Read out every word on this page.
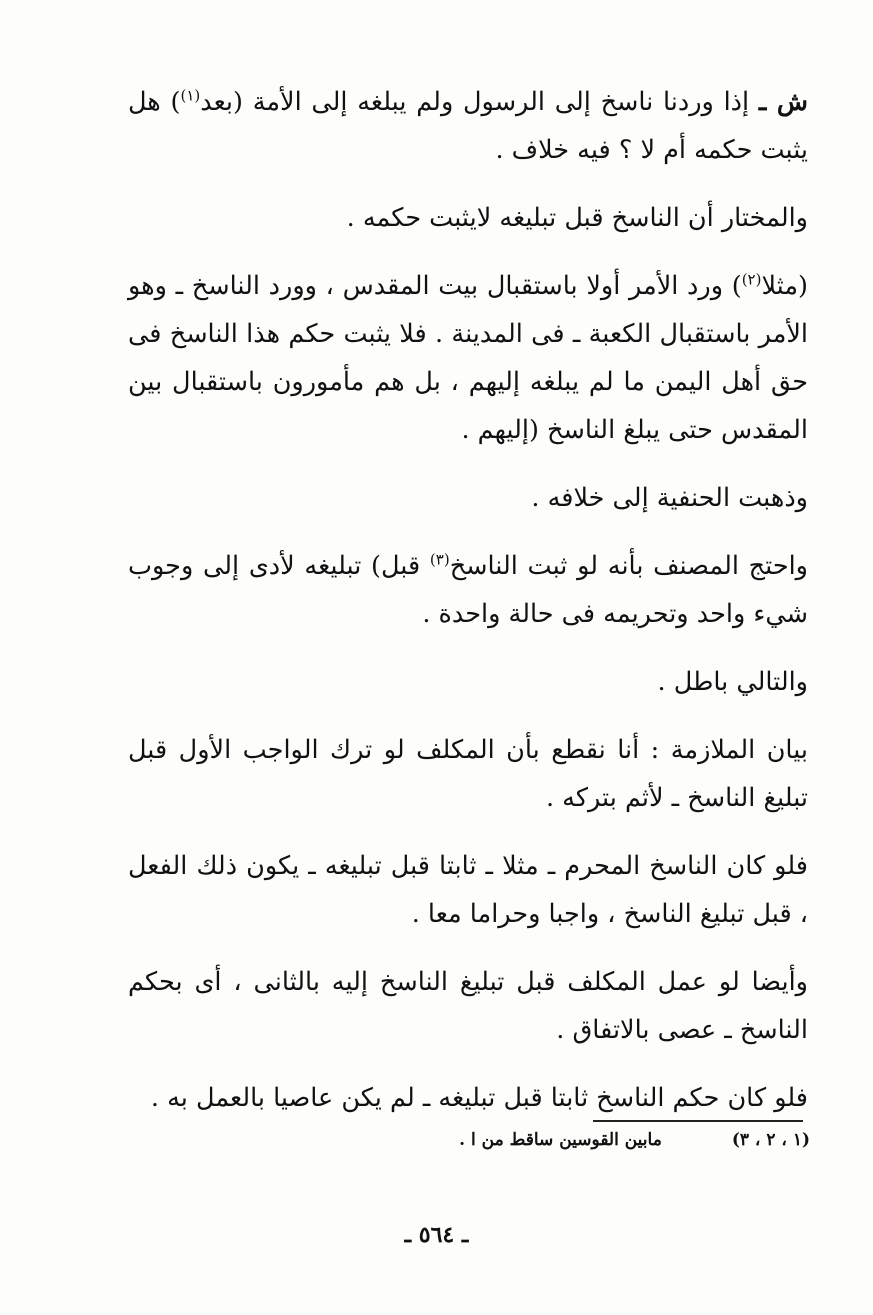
ش ـ إذا وردنا ناسخ إلى الرسول ولم يبلغه إلى الأمة (بعد$^{(١)}$) هل يثبت حكمه أم لا ؟ فيه خلاف .

والمختار أن الناسخ قبل تبليغه لايثبت حكمه .

(مثلا$^{(٢)}$) ورد الأمر أولا باستقبال بيت المقدس ، وورد الناسخ ـ وهو الأمر باستقبال الكعبة ـ فى المدينة . فلا يثبت حكم هذا الناسخ فى حق أهل اليمن ما لم يبلغه إليهم ، بل هم مأمورون باستقبال بين المقدس حتى يبلغ الناسخ (إليهم .

وذهبت الحنفية إلى خلافه .

واحتج المصنف بأنه لو ثبت الناسخ$^{(٣)}$ قبل) تبليغه لأدى إلى وجوب شيء واحد وتحريمه فى حالة واحدة .

والتالي باطل .

بيان الملازمة : أنا نقطع بأن المكلف لو ترك الواجب الأول قبل تبليغ الناسخ ـ لأثم بتركه .

فلو كان الناسخ المحرم ـ مثلا ـ ثابتا قبل تبليغه ـ يكون ذلك الفعل ، قبل تبليغ الناسخ ، واجبا وحراما معا .

وأيضا لو عمل المكلف قبل تبليغ الناسخ إليه بالثانى ، أى بحكم الناسخ ـ عصى بالاتفاق .

فلو كان حكم الناسخ ثابتا قبل تبليغه ـ لم يكن عاصيا بالعمل به .

(١ ، ٢ ، ٣)
مابين القوسين ساقط من ا .
ـ ٥٦٤ ـ
